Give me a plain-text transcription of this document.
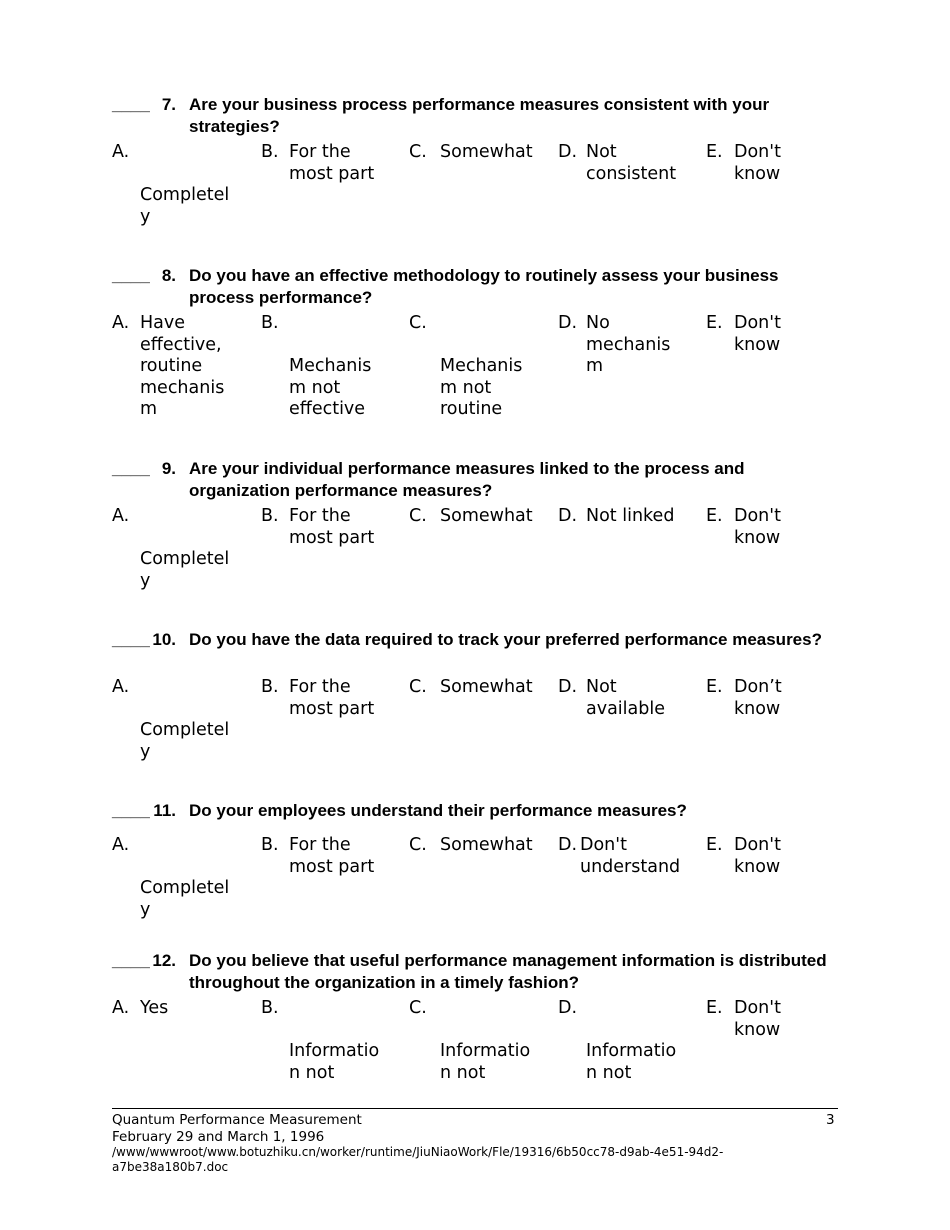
____ 7. Are your business process performance measures consistent with your strategies?
A.

Completel
y
B. For the
most part
C. Somewhat	D. Not
consistent
E. Don't
know
____ 8. Do you have an effective methodology to routinely assess your business process performance?
A. Have
effective,
routine
mechanis
m
B.

Mechanis
m not
effective
C.

Mechanis
m not
routine
D. No
mechanis
m
E. Don't
know
____ 9. Are your individual performance measures linked to the process and organization performance measures?
A.

Completel
y
B. For the
most part
C. Somewhat	D. Not linked	E. Don't
know
____ 10. Do you have the data required to track your preferred performance measures?
A.

Completel
y
B. For the
most part
C. Somewhat	D. Not
available
E. Don’t
know
____ 11. Do your employees understand their performance measures?
A.

Completel
y
B. For the
most part
C. Somewhat	D. Don't
understand
E. Don't
know
____ 12. Do you believe that useful performance management information is distributed throughout the organization in a timely fashion?
A. Yes	B.

Informatio
n not
C.

Informatio
n not
D.

Informatio
n not
E. Don't
know
Quantum Performance Measurement	3
February 29 and March 1, 1996
/www/wwwroot/www.botuzhiku.cn/worker/runtime/JiuNiaoWork/Fle/19316/6b50cc78-d9ab-4e51-94d2-a7be38a180b7.doc
